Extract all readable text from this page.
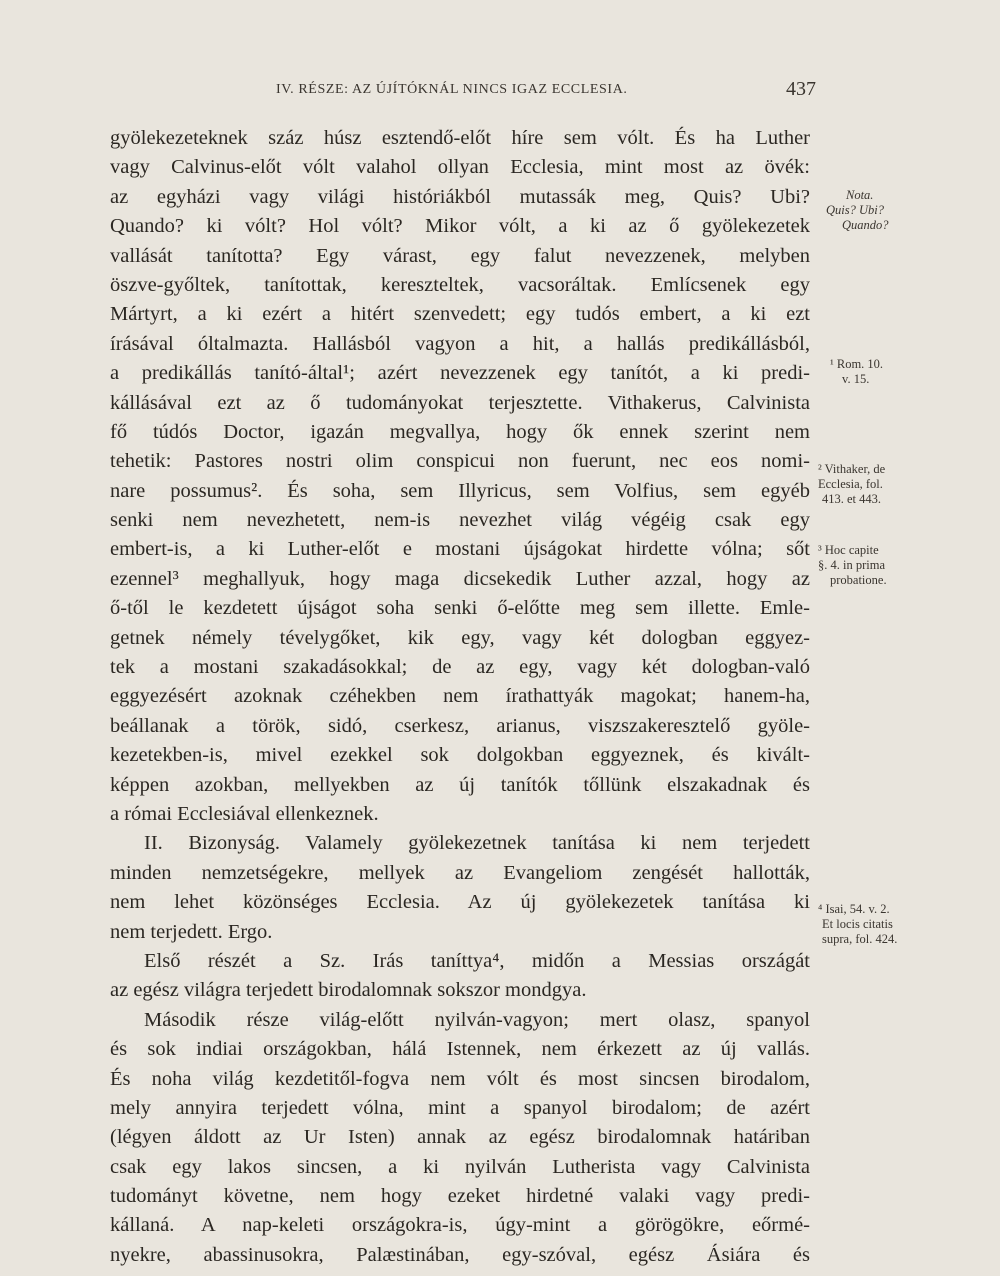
IV. RÉSZE: AZ ÚJÍTÓKNÁL NINCS IGAZ ECCLESIA.	437
gyölekezeteknek száz húsz esztendő-előt híre sem vólt. És ha Luther
vagy Calvinus-előt vólt valahol ollyan Ecclesia, mint most az övék:
az egyházi vagy világi históriákból mutassák meg, Quis? Ubi?
Quando? ki vólt? Hol vólt? Mikor vólt, a ki az ő gyölekezetek
vallását tanította? Egy várast, egy falut nevezzenek, melyben
öszve-győltek, tanítottak, kereszteltek, vacsoráltak. Emlícsenek egy
Mártyrt, a ki ezért a hitért szenvedett; egy tudós embert, a ki ezt
írásával óltalmazta. Hallásból vagyon a hit, a hallás predikállásból,
a predikállás tanító-által¹; azért nevezzenek egy tanítót, a ki predi-
kállásával ezt az ő tudományokat terjesztette. Vithakerus, Calvinista
fő túdós Doctor, igazán megvallya, hogy ők ennek szerint nem
tehetik: Pastores nostri olim conspicui non fuerunt, nec eos nomi-
nare possumus². És soha, sem Illyricus, sem Volfius, sem egyéb
senki nem nevezhetett, nem-is nevezhet világ végéig csak egy
embert-is, a ki Luther-előt e mostani újságokat hirdette vólna; sőt
ezennel³ meghallyuk, hogy maga dicsekedik Luther azzal, hogy az
ő-től le kezdetett újságot soha senki ő-előtte meg sem illette. Emle-
getnek némely tévelygőket, kik egy, vagy két dologban eggyez-
tek a mostani szakadásokkal; de az egy, vagy két dologban-való
eggyezésért azoknak czéhekben nem írathattyák magokat; hanem-ha,
beállanak a török, sidó, cserkesz, arianus, viszszakeresztelő gyöle-
kezetekben-is, mivel ezekkel sok dolgokban eggyeznek, és kivált-
képpen azokban, mellyekben az új tanítók tőllünk elszakadnak és
a római Ecclesiával ellenkeznek.
II. Bizonyság. Valamely gyölekezetnek tanítása ki nem terjedett
minden nemzetségekre, mellyek az Evangeliom zengését hallották,
nem lehet közönséges Ecclesia. Az új gyölekezetek tanítása ki
nem terjedett. Ergo.
Első részét a Sz. Irás taníttya⁴, midőn a Messias országát
az egész világra terjedett birodalomnak sokszor mondgya.
Második része világ-előtt nyilván-vagyon; mert olasz, spanyol
és sok indiai országokban, hálá Istennek, nem érkezett az új vallás.
És noha világ kezdetitől-fogva nem vólt és most sincsen birodalom,
mely annyira terjedett vólna, mint a spanyol birodalom; de azért
(légyen áldott az Ur Isten) annak az egész birodalomnak határiban
csak egy lakos sincsen, a ki nyilván Lutherista vagy Calvinista
tudományt követne, nem hogy ezeket hirdetné valaki vagy predi-
kállaná. A nap-keleti országokra-is, úgy-mint a görögökre, eőrmé-
nyekre, abassinusokra, Palæstinában, egy-szóval, egész Ásiára és
Nota.
Quis? Ubi?
Quando?
¹ Rom. 10.
v. 15.
² Vithaker, de
Ecclesia, fol.
413. et 443.
³ Hoc capite
§. 4. in prima
probatione.
⁴ Isai, 54. v. 2.
Et locis citatis
supra, fol. 424.
